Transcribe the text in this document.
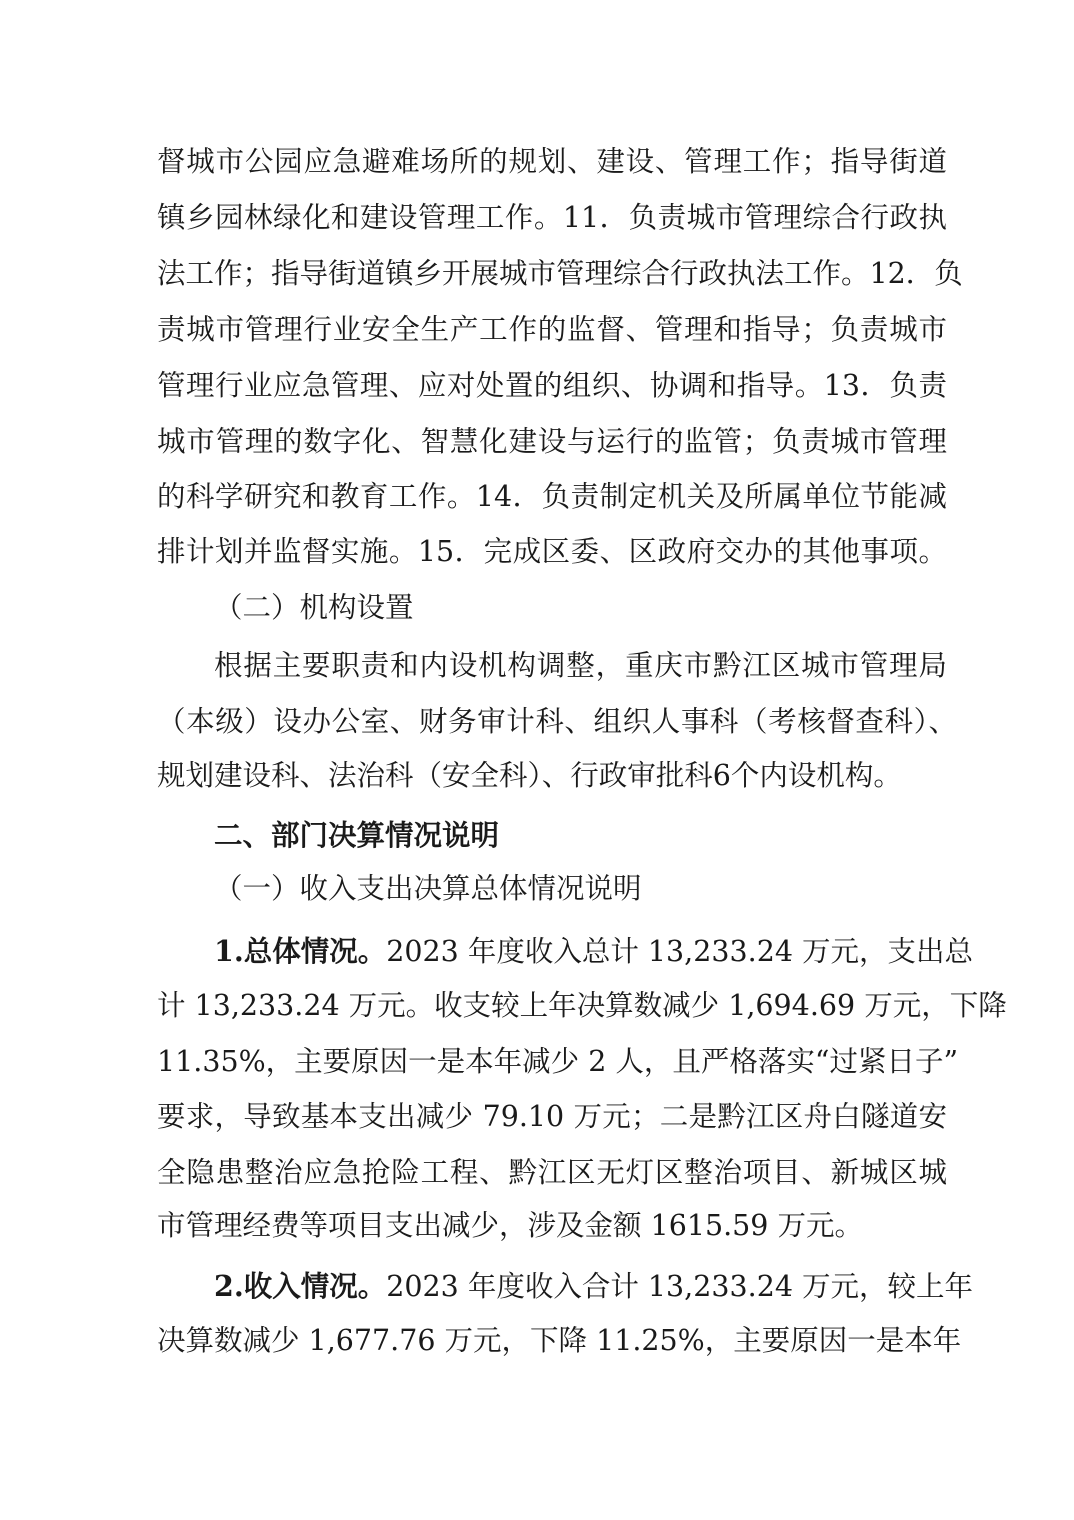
督城市公园应急避难场所的规划、建设、管理工作；指导街道
镇乡园林绿化和建设管理工作。11．负责城市管理综合行政执
法工作；指导街道镇乡开展城市管理综合行政执法工作。12．负
责城市管理行业安全生产工作的监督、管理和指导；负责城市
管理行业应急管理、应对处置的组织、协调和指导。13．负责
城市管理的数字化、智慧化建设与运行的监管；负责城市管理
的科学研究和教育工作。14．负责制定机关及所属单位节能减
排计划并监督实施。15．完成区委、区政府交办的其他事项。
（二）机构设置
根据主要职责和内设机构调整，重庆市黔江区城市管理局
（本级）设办公室、财务审计科、组织人事科（考核督查科）、
规划建设科、法治科（安全科）、行政审批科6个内设机构。
二、部门决算情况说明
（一）收入支出决算总体情况说明
1.总体情况。2023 年度收入总计 13,233.24 万元，支出总
计 13,233.24 万元。收支较上年决算数减少 1,694.69 万元，下降
11.35%，主要原因一是本年减少 2 人，且严格落实“过紧日子”
要求，导致基本支出减少 79.10 万元；二是黔江区舟白隧道安
全隐患整治应急抢险工程、黔江区无灯区整治项目、新城区城
市管理经费等项目支出减少，涉及金额 1615.59 万元。
2.收入情况。2023 年度收入合计 13,233.24 万元，较上年
决算数减少 1,677.76 万元，下降 11.25%，主要原因一是本年
